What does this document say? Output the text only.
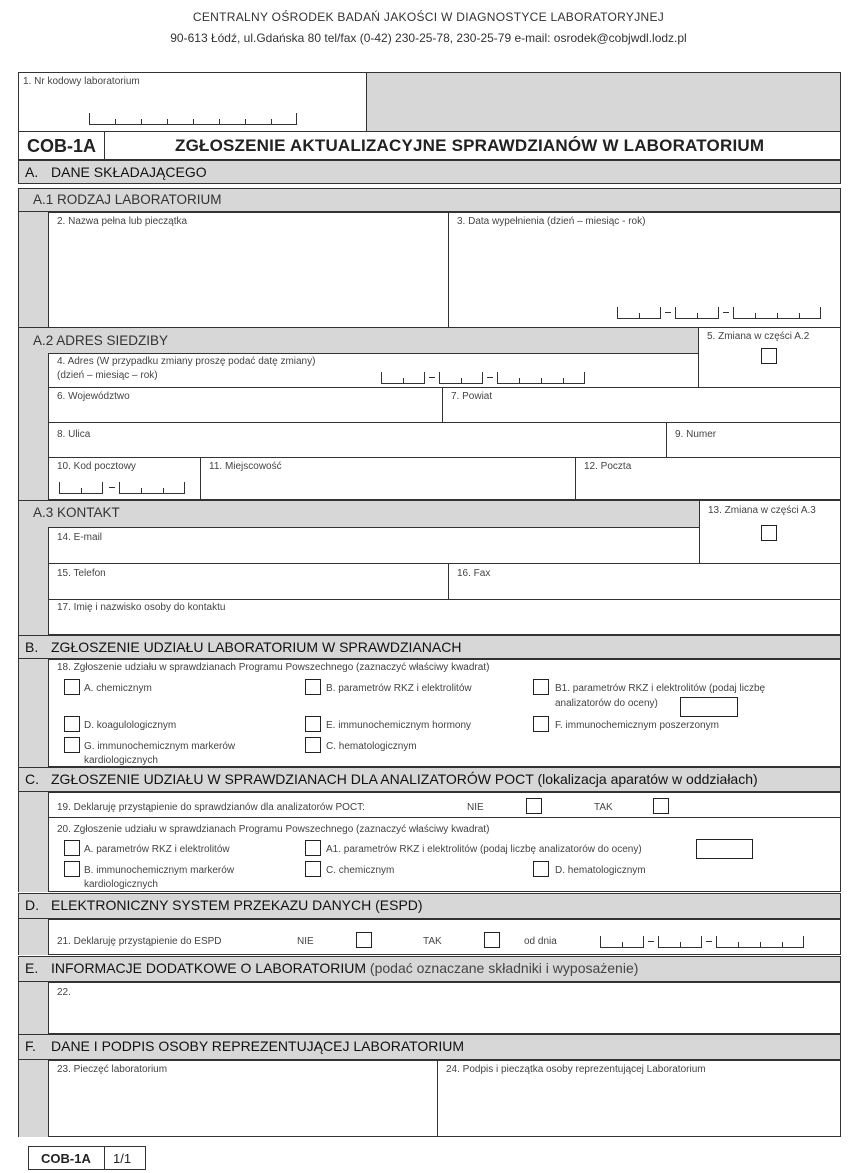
CENTRALNY OŚRODEK BADAŃ JAKOŚCI W DIAGNOSTYCE LABORATORYJNEJ
90-613 Łódź, ul.Gdańska 80 tel/fax (0-42) 230-25-78, 230-25-79 e-mail: osrodek@cobjwdl.lodz.pl
1. Nr kodowy laboratorium
COB-1A	ZGŁOSZENIE AKTUALIZACYJNE SPRAWDZIANÓW W LABORATORIUM
A. DANE SKŁADAJĄCEGO
A.1 RODZAJ LABORATORIUM
2. Nazwa pełna lub pieczątka	3. Data wypełnienia (dzień – miesiąc - rok)
A.2 ADRES SIEDZIBY	5. Zmiana w części A.2
4. Adres (W przypadku zmiany proszę podać datę zmiany)
(dzień – miesiąc – rok)
6. Województwo	7. Powiat
8. Ulica	9. Numer
10. Kod pocztowy	11. Miejscowość	12. Poczta
A.3 KONTAKT	13. Zmiana w części A.3
14. E-mail
15. Telefon	16. Fax
17. Imię i nazwisko osoby do kontaktu
B. ZGŁOSZENIE UDZIAŁU LABORATORIUM W SPRAWDZIANACH
18. Zgłoszenie udziału w sprawdzianach Programu Powszechnego (zaznaczyć właściwy kwadrat)
A. chemicznym	B. parametrów RKZ i elektrolitów	B1. parametrów RKZ i elektrolitów (podaj liczbę
analizatorów do oceny)
D. koagulologicznym	E. immunochemicznym hormony	F. immunochemicznym poszerzonym
G. immunochemicznym markerów
kardiologicznych
C. hematologicznym
C. ZGŁOSZENIE UDZIAŁU W SPRAWDZIANACH DLA ANALIZATORÓW POCT (lokalizacja aparatów w oddziałach)
19. Deklaruję przystąpienie do sprawdzianów dla analizatorów POCT:	NIE	TAK
20. Zgłoszenie udziału w sprawdzianach Programu Powszechnego (zaznaczyć właściwy kwadrat)
A. parametrów RKZ i elektrolitów	A1. parametrów RKZ i elektrolitów (podaj liczbę analizatorów do oceny)
B. immunochemicznym markerów
kardiologicznych
C. chemicznym	D. hematologicznym
D. ELEKTRONICZNY SYSTEM PRZEKAZU DANYCH (ESPD)
21. Deklaruję przystąpienie do ESPD	NIE	TAK	od dnia
E. INFORMACJE DODATKOWE O LABORATORIUM (podać oznaczane składniki i wyposażenie)
22.
F. DANE I PODPIS OSOBY REPREZENTUJĄCEJ LABORATORIUM
23. Pieczęć laboratorium	24. Podpis i pieczątka osoby reprezentującej Laboratorium
COB-1A 1/1
